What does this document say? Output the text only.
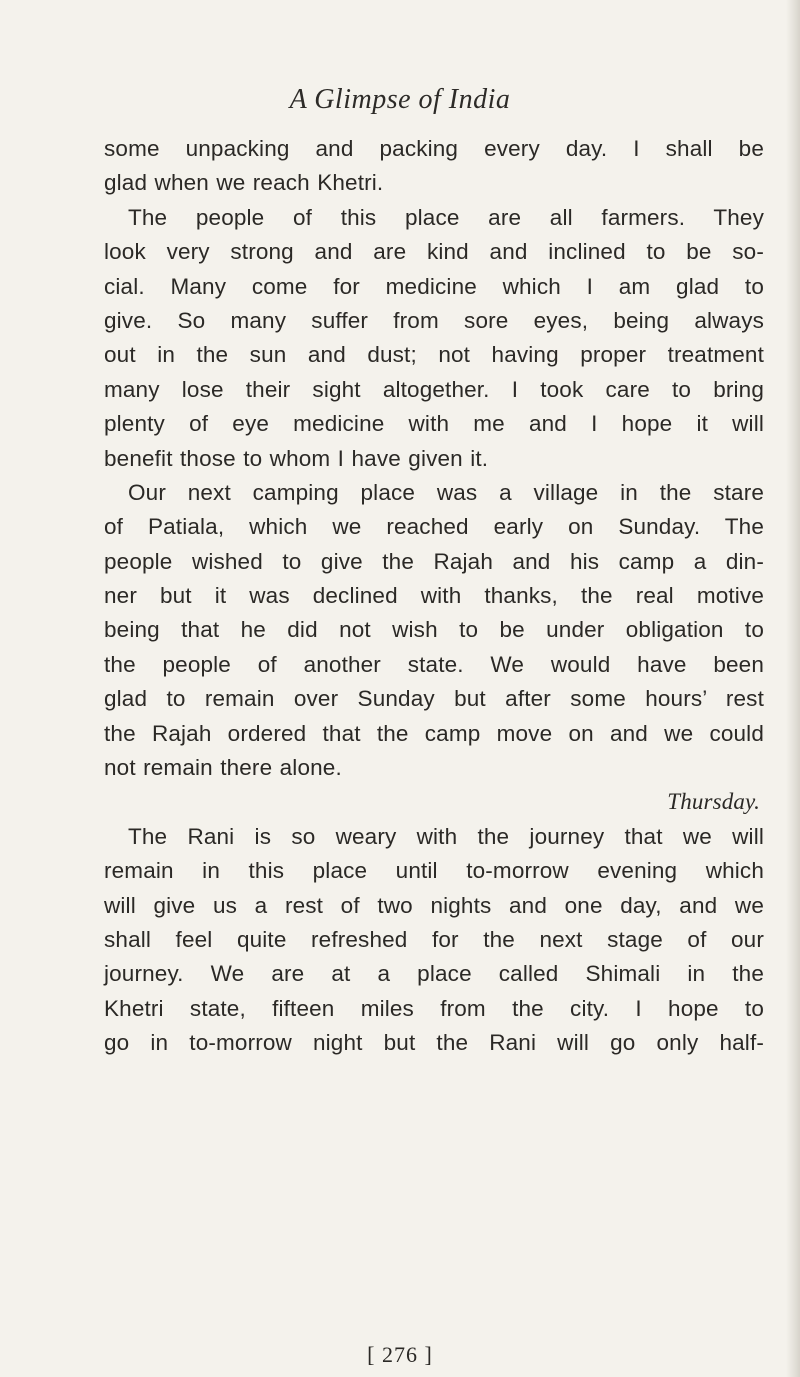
A Glimpse of India
some unpacking and packing every day. I shall be
glad when we reach Khetri.
The people of this place are all farmers. They
look very strong and are kind and inclined to be so-
cial. Many come for medicine which I am glad to
give. So many suffer from sore eyes, being always
out in the sun and dust; not having proper treatment
many lose their sight altogether. I took care to bring
plenty of eye medicine with me and I hope it will
benefit those to whom I have given it.
Our next camping place was a village in the stare
of Patiala, which we reached early on Sunday. The
people wished to give the Rajah and his camp a din-
ner but it was declined with thanks, the real motive
being that he did not wish to be under obligation to
the people of another state. We would have been
glad to remain over Sunday but after some hours’ rest
the Rajah ordered that the camp move on and we could
not remain there alone.
Thursday.
The Rani is so weary with the journey that we will
remain in this place until to-morrow evening which
will give us a rest of two nights and one day, and we
shall feel quite refreshed for the next stage of our
journey. We are at a place called Shimali in the
Khetri state, fifteen miles from the city. I hope to
go in to-morrow night but the Rani will go only half-
[ 276 ]
